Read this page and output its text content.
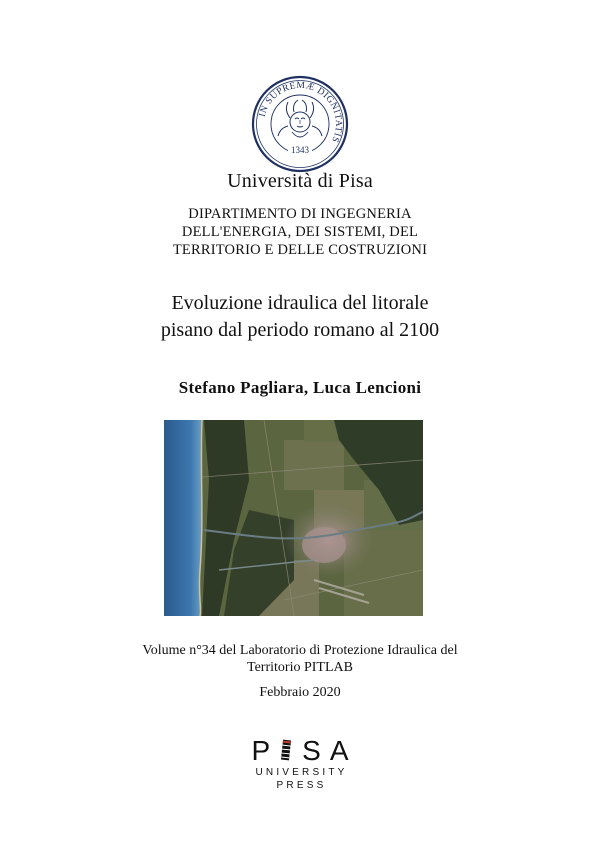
IN SUPREMÆ DIGNITATIS
1343
Università di Pisa
DIPARTIMENTO DI INGEGNERIA
DELL'ENERGIA, DEI SISTEMI, DEL
TERRITORIO E DELLE COSTRUZIONI
Evoluzione idraulica del litorale
pisano dal periodo romano al 2100
Stefano Pagliara, Luca Lencioni
Volume n°34 del Laboratorio di Protezione Idraulica del
Territorio PITLAB
Febbraio 2020
P SA
UNIVERSITY
PRESS
